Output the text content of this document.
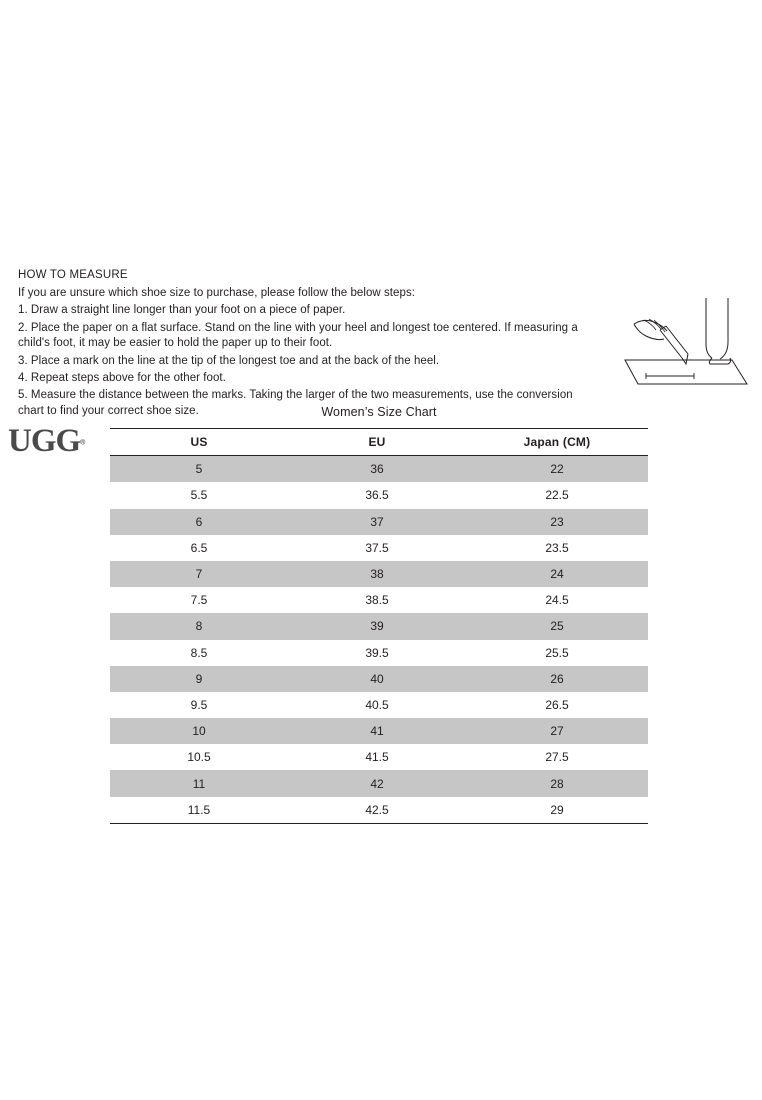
HOW TO MEASURE
If you are unsure which shoe size to purchase, please follow the below steps:
1. Draw a straight line longer than your foot on a piece of paper.
2. Place the paper on a flat surface. Stand on the line with your heel and longest toe centered. If measuring a child's foot, it may be easier to hold the paper up to their foot.
3. Place a mark on the line at the tip of the longest toe and at the back of the heel.
4. Repeat steps above for the other foot.
5. Measure the distance between the marks. Taking the larger of the two measurements, use the conversion chart to find your correct shoe size.
UGG®
Women’s Size Chart
US	EU	Japan (CM)
5	36	22
5.5	36.5	22.5
6	37	23
6.5	37.5	23.5
7	38	24
7.5	38.5	24.5
8	39	25
8.5	39.5	25.5
9	40	26
9.5	40.5	26.5
10	41	27
10.5	41.5	27.5
11	42	28
11.5	42.5	29
